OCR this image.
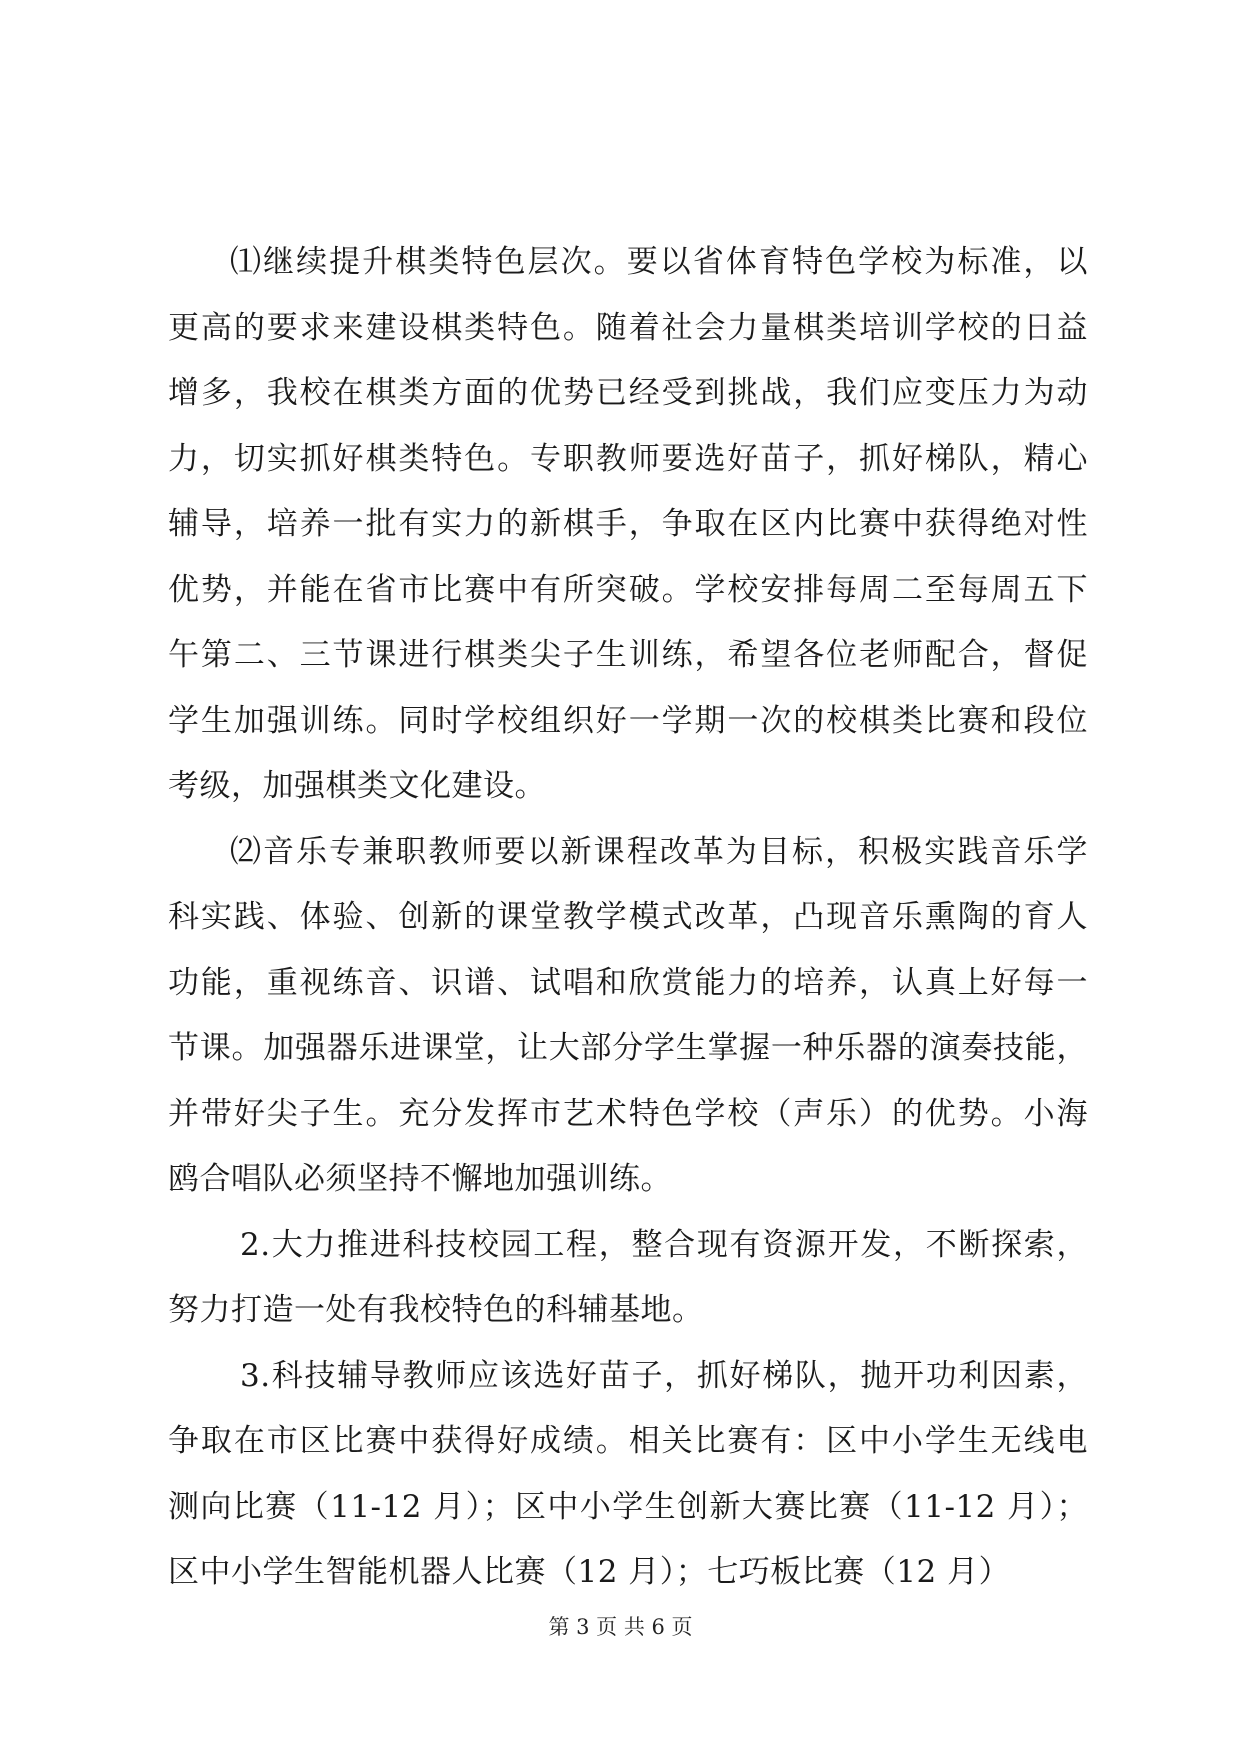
⑴继续提升棋类特色层次。要以省体育特色学校为标准，以
更高的要求来建设棋类特色。随着社会力量棋类培训学校的日益
增多，我校在棋类方面的优势已经受到挑战，我们应变压力为动
力，切实抓好棋类特色。专职教师要选好苗子，抓好梯队，精心
辅导，培养一批有实力的新棋手，争取在区内比赛中获得绝对性
优势，并能在省市比赛中有所突破。学校安排每周二至每周五下
午第二、三节课进行棋类尖子生训练，希望各位老师配合，督促
学生加强训练。同时学校组织好一学期一次的校棋类比赛和段位
考级，加强棋类文化建设。
⑵音乐专兼职教师要以新课程改革为目标，积极实践音乐学
科实践、体验、创新的课堂教学模式改革，凸现音乐熏陶的育人
功能，重视练音、识谱、试唱和欣赏能力的培养，认真上好每一
节课。加强器乐进课堂，让大部分学生掌握一种乐器的演奏技能，
并带好尖子生。充分发挥市艺术特色学校（声乐）的优势。小海
鸥合唱队必须坚持不懈地加强训练。
2.大力推进科技校园工程，整合现有资源开发，不断探索，
努力打造一处有我校特色的科辅基地。
3.科技辅导教师应该选好苗子，抓好梯队，抛开功利因素，
争取在市区比赛中获得好成绩。相关比赛有：区中小学生无线电
测向比赛（11-12 月）；区中小学生创新大赛比赛（11-12 月）；
区中小学生智能机器人比赛（12 月）；七巧板比赛（12 月）
第 3 页 共 6 页
